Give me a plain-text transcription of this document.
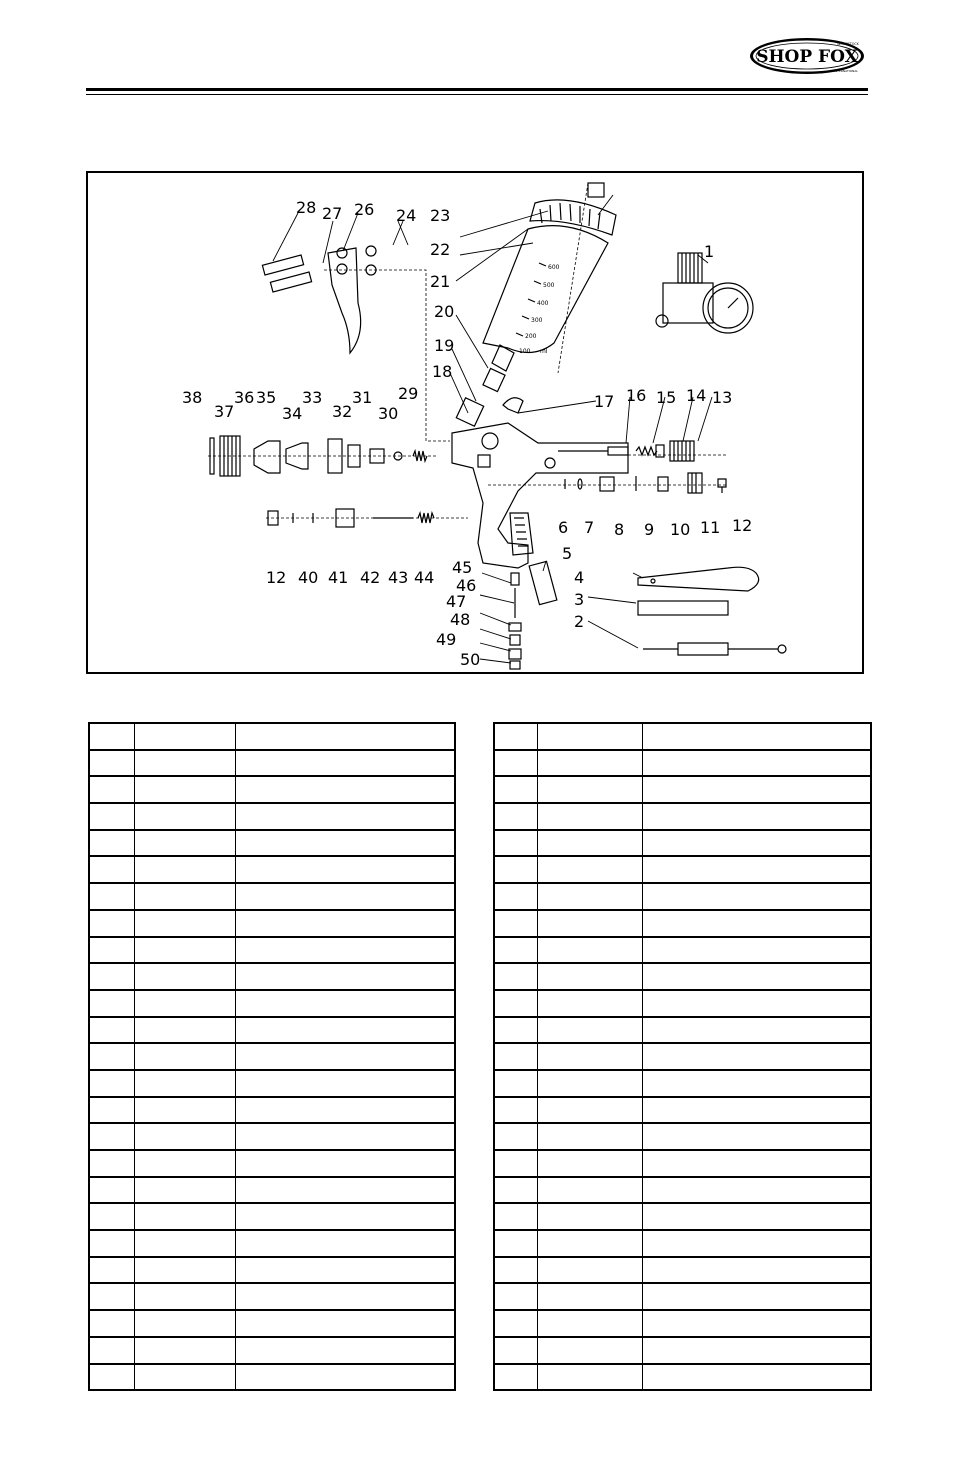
SHOP FOX
WOODSTOCK
INTERNATIONAL
1
2
3
4
5
6 7 8 9 10 11 12
13
14
15
16
17
18
19
20
21
22
23
24
26
27
28
29
30
31
32
33
34
35
36
37
38
12 40 41 42 43 44
45
46
47
48
49
50
600
500
400
300
200
100 ml
